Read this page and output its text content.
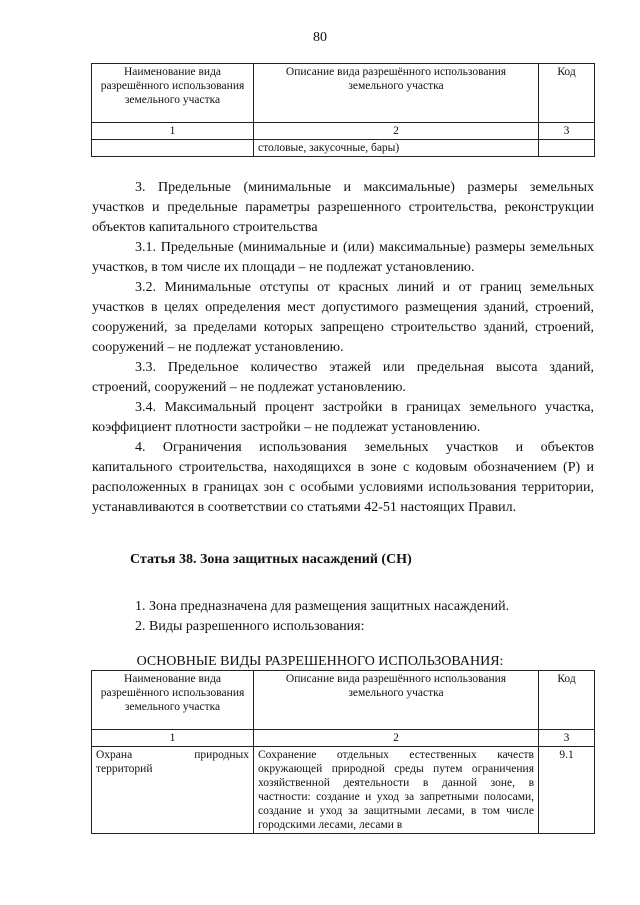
80
Наименование вида разрешённого использования земельного участка	Описание вида разрешённого использования земельного участка	Код
1	2	3
	столовые, закусочные, бары)	

3. Предельные (минимальные и максимальные) размеры земельных участков и предельные параметры разрешенного строительства, реконструкции объектов капитального строительства

3.1. Предельные (минимальные и (или) максимальные) размеры земельных участков, в том числе их площади – не подлежат установлению.

3.2. Минимальные отступы от красных линий и от границ земельных участков в целях определения мест допустимого размещения зданий, строений, сооружений, за пределами которых запрещено строительство зданий, строений, сооружений – не подлежат установлению.

3.3. Предельное количество этажей или предельная высота зданий, строений, сооружений – не подлежат установлению.

3.4. Максимальный процент застройки в границах земельного участка, коэффициент плотности застройки – не подлежат установлению.

4. Ограничения использования земельных участков и объектов капитального строительства, находящихся в зоне с кодовым обозначением (Р) и расположенных в границах зон с особыми условиями использования территории, устанавливаются в соответствии со статьями 42-51 настоящих Правил.

Статья 38. Зона защитных насаждений (СН)
1. Зона предназначена для размещения защитных насаждений.
2. Виды разрешенного использования:
ОСНОВНЫЕ ВИДЫ РАЗРЕШЕННОГО ИСПОЛЬЗОВАНИЯ:
Наименование вида разрешённого использования земельного участка	Описание вида разрешённого использования земельного участка	Код
1	2	3
Охрана природных территорий	Сохранение отдельных естественных качеств окружающей природной среды путем ограничения хозяйственной деятельности в данной зоне, в частности: создание и уход за запретными полосами, создание и уход за защитными лесами, в том числе городскими лесами, лесами в	9.1
